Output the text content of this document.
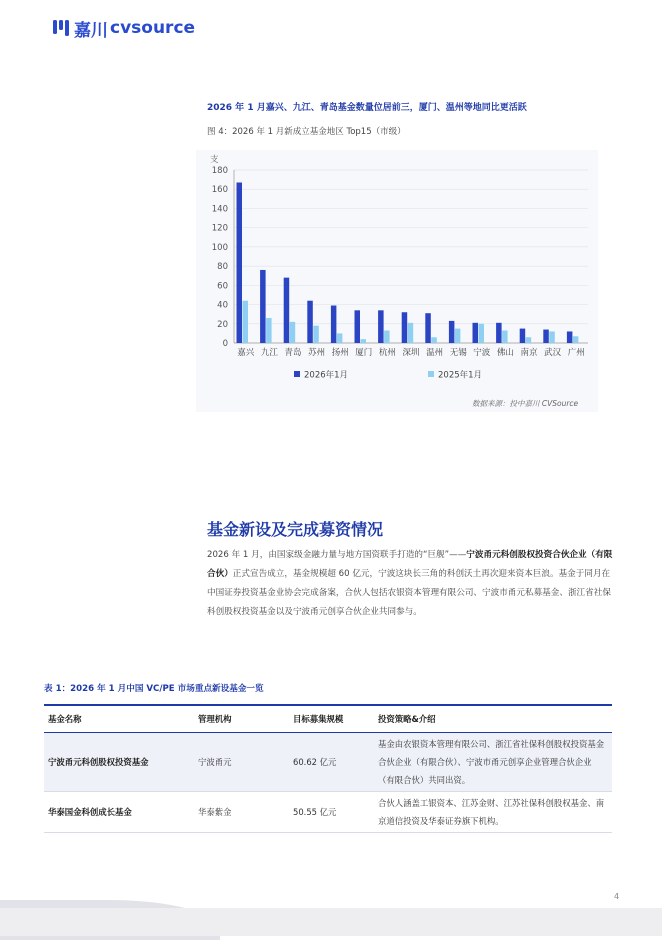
嘉川 cvsource
2026 年 1 月嘉兴、九江、青岛基金数量位居前三，厦门、温州等地同比更活跃
图 4：2026 年 1 月新成立基金地区 Top15（市级）
支
0
20
40
60
80
100
120
140
160
180
嘉兴 九江 青岛 苏州 扬州 厦门 杭州 深圳 温州 无锡 宁波 佛山 南京 武汉 广州
2026年1月	2025年1月
数据来源：投中嘉川 CVSource
基金新设及完成募资情况
2026 年 1 月，由国家级金融力量与地方国资联手打造的“巨舰”——宁波甬元科创股权投资合伙企业（有限合伙）正式宣告成立，基金规模超 60 亿元，宁波这块长三角的科创沃土再次迎来资本巨浪。基金于同月在中国证券投资基金业协会完成备案，合伙人包括农银资本管理有限公司、宁波市甬元私募基金、浙江省社保科创股权投资基金以及宁波甬元创享合伙企业共同参与。
表 1：2026 年 1 月中国 VC/PE 市场重点新设基金一览
基金名称	管理机构	目标募集规模	投资策略&介绍
宁波甬元科创股权投资基金	宁波甬元	60.62 亿元	基金由农银资本管理有限公司、浙江省社保科创股权投资基金合伙企业（有限合伙）、宁波市甬元创享企业管理合伙企业（有限合伙）共同出资。
华泰国金科创成长基金	华泰紫金	50.55 亿元	合伙人涵盖工银资本、江苏金财、江苏社保科创股权基金、南京道信投资及华泰证券旗下机构。
4
